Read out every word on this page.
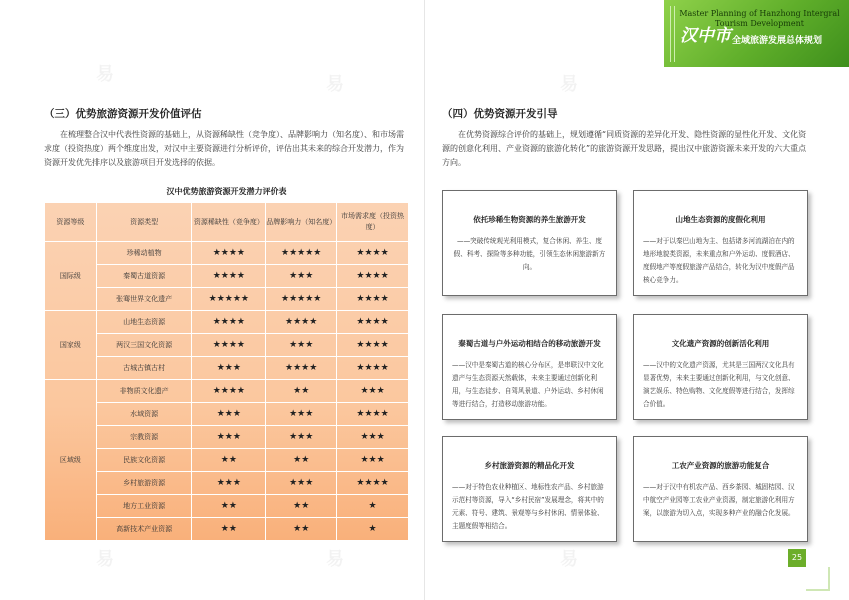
易	易	易
易	易	易
Master Planning of Hanzhong Intergral
Tourism Development
汉中市 全域旅游发展总体规划
（三）优势旅游资源开发价值评估

在梳理整合汉中代表性资源的基础上，从资源稀缺性（竞争度）、品牌影响力（知名度）、和市场需求度（投资热度）两个维度出发，对汉中主要资源进行分析评价，评估出其未来的综合开发潜力，作为资源开发优先排序以及旅游项目开发选择的依据。

汉中优势旅游资源开发潜力评价表
资源等级	资源类型	资源稀缺性（竞争度）	品牌影响力（知名度）	市场需求度（投资热度）
国际级	珍稀动植物	★★★★	★★★★★	★★★★
	秦蜀古道资源	★★★★	★★★	★★★★
	张骞世界文化遗产	★★★★★	★★★★★	★★★★
国家级	山地生态资源	★★★★	★★★★	★★★★
	两汉三国文化资源	★★★★	★★★	★★★★
	古城古镇古村	★★★	★★★★	★★★★
区域级	非物质文化遗产	★★★★	★★	★★★
	水域资源	★★★	★★★	★★★★
	宗教资源	★★★	★★★	★★★
	民族文化资源	★★	★★	★★★
	乡村旅游资源	★★★	★★★	★★★★
	地方工业资源	★★	★★	★
	高新技术产业资源	★★	★★	★
（四）优势资源开发引导

在优势资源综合评价的基础上，规划遵循“同质资源的差异化开发、隐性资源的显性化开发、文化资源的创意化利用、产业资源的旅游化转化”的旅游资源开发思路，提出汉中旅游资源未来开发的六大重点方向。

依托珍稀生物资源的养生旅游开发

——突破传统观光利用模式，复合休闲、养生、度假、科考、探险等多种功能，引领生态休闲旅游新方向。

山地生态资源的度假化利用

——对于以秦巴山地为主、包括诸多河流湖泊在内的地形地貌类资源，未来重点和户外运动、度假酒店、度假地产等度假旅游产品结合，转化为汉中度假产品核心竞争力。

秦蜀古道与户外运动相结合的移动旅游开发

——汉中是秦蜀古道的核心分布区，是串联汉中文化遗产与生态资源天然载体，未来主要通过创新化利用，与生态徒步、自驾风景道、户外运动、乡村休闲等进行结合，打造移动旅游功能。

文化遗产资源的创新活化利用

——汉中的文化遗产资源，尤其是三国两汉文化具有显著优势，未来主要通过创新化利用，与文化创意、演艺娱乐、特色购物、文化度假等进行结合，发挥综合价值。

乡村旅游资源的精品化开发

——对于特色农业种植区、地标性农产品、乡村旅游示范村等资源，导入“乡村民宿”发展理念，将其中的元素、符号、建筑、景观等与乡村休闲、情景体验、主题度假等相结合。

工农产业资源的旅游功能复合

——对于汉中有机农产品、西乡茶园、城固桔园、汉中航空产业园等工农业产业资源，制定旅游化利用方案，以旅游为切入点，实现多种产业的融合化发展。

25
